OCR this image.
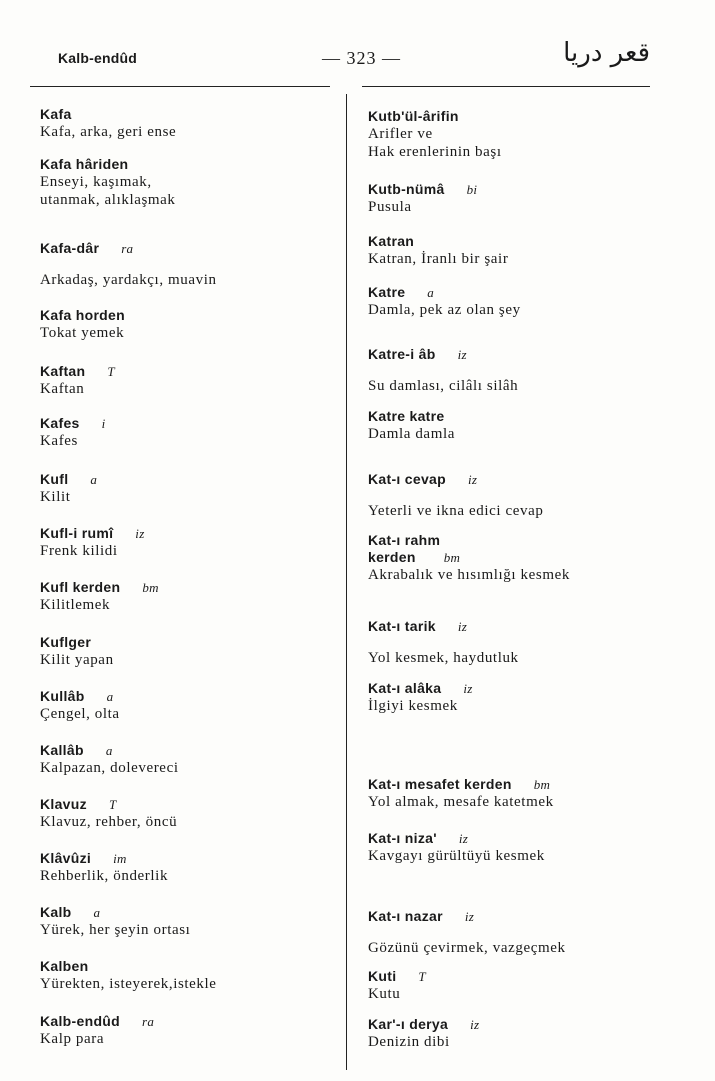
Kalb-endûd	— 323 —	قعر دریا
Kafa
Kafa, arka, geri ense
Kafa hâriden
Enseyi, kaşımak,
utanmak, alıklaşmak
Kafa-dâr ra
Arkadaş, yardakçı, muavin
Kafa horden
Tokat yemek
Kaftan T
Kaftan
Kafes i
Kafes
Kufl a
Kilit
Kufl-i rumî iz
Frenk kilidi
Kufl kerden bm
Kilitlemek
Kuflger
Kilit yapan
Kullâb a
Çengel, olta
Kallâb a
Kalpazan, dolevereci
Klavuz T
Klavuz, rehber, öncü
Klâvûzi im
Rehberlik, önderlik
Kalb a
Yürek, her şeyin ortası
Kalben
Yürekten, isteyerek,istekle
Kalb-endûd ra
Kalp para
Kutb'ül-ârifin
Arifler ve
Hak erenlerinin başı
Kutb-nümâ bi
Pusula
Katran
Katran, İranlı bir şair
Katre a
Damla, pek az olan şey
Katre-i âb iz
Su damlası, cilâlı silâh
Katre katre
Damla damla
Kat-ı cevap iz
Yeterli ve ikna edici cevap
Kat-ı rahm
kerden bm
Akrabalık ve hısımlığı kesmek
Kat-ı tarik iz
Yol kesmek, haydutluk
Kat-ı alâka iz
İlgiyi kesmek
Kat-ı mesafet kerden bm
Yol almak, mesafe katetmek
Kat-ı niza' iz
Kavgayı gürültüyü kesmek
Kat-ı nazar iz
Gözünü çevirmek, vazgeçmek
Kuti T
Kutu
Kar'-ı derya iz
Denizin dibi
